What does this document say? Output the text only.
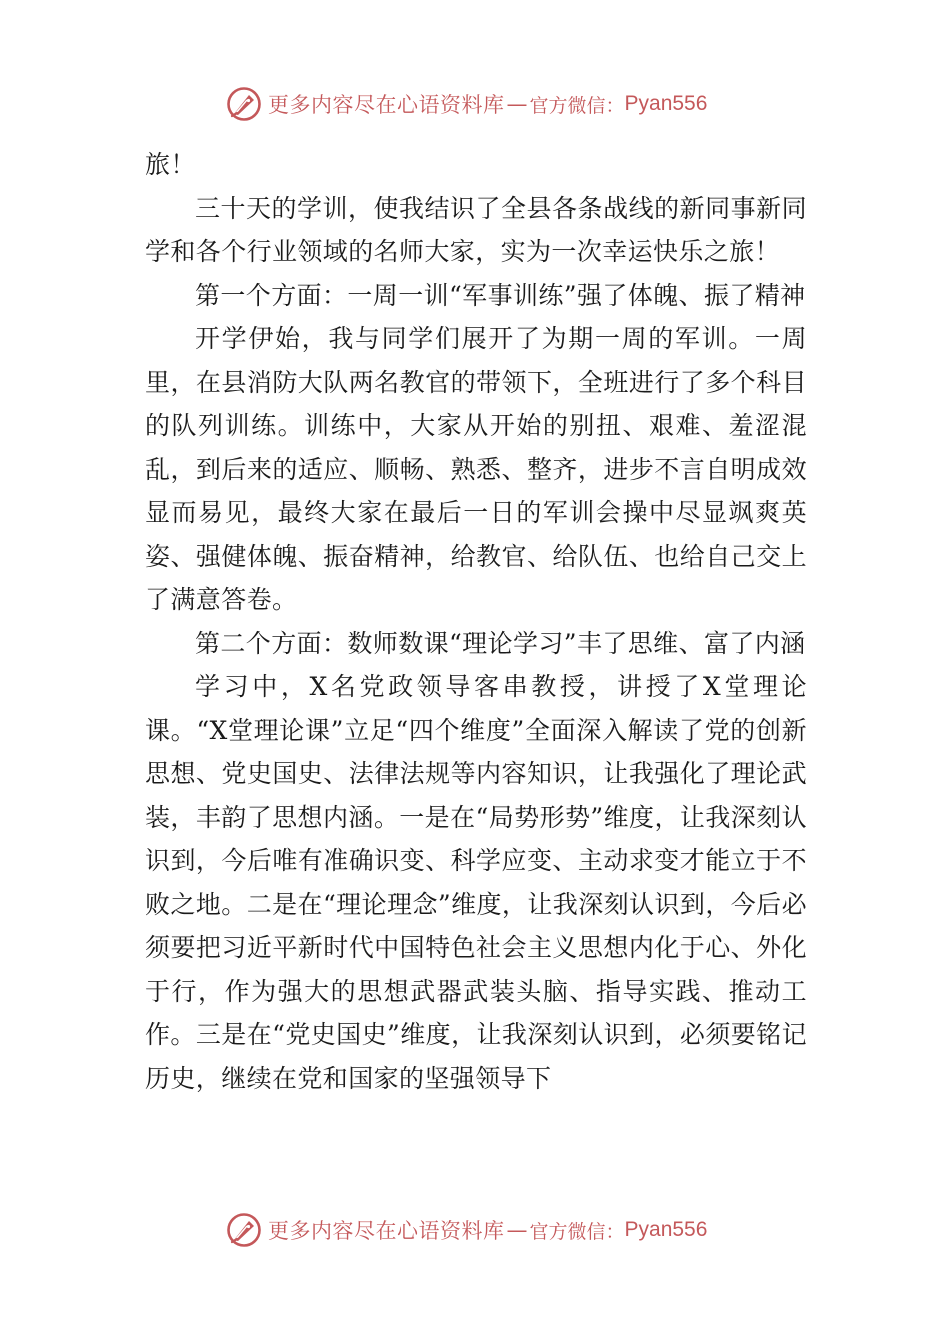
更多内容尽在心语资料库 — 官方微信： Pyan556

旅！

三十天的学训，使我结识了全县各条战线的新同事新同学和各个行业领域的名师大家，实为一次幸运快乐之旅！

第一个方面：一周一训“军事训练”强了体魄、振了精神

开学伊始，我与同学们展开了为期一周的军训。一周里，在县消防大队两名教官的带领下，全班进行了多个科目的队列训练。训练中，大家从开始的别扭、艰难、羞涩混乱，到后来的适应、顺畅、熟悉、整齐，进步不言自明成效显而易见，最终大家在最后一日的军训会操中尽显飒爽英姿、强健体魄、振奋精神，给教官、给队伍、也给自己交上了满意答卷。

第二个方面：数师数课“理论学习”丰了思维、富了内涵

学习中，X名党政领导客串教授，讲授了X堂理论课。“X堂理论课”立足“四个维度”全面深入解读了党的创新思想、党史国史、法律法规等内容知识，让我强化了理论武装，丰韵了思想内涵。一是在“局势形势”维度，让我深刻认识到，今后唯有准确识变、科学应变、主动求变才能立于不败之地。二是在“理论理念”维度，让我深刻认识到，今后必须要把习近平新时代中国特色社会主义思想内化于心、外化于行，作为强大的思想武器武装头脑、指导实践、推动工作。三是在“党史国史”维度，让我深刻认识到，必须要铭记历史，继续在党和国家的坚强领导下

更多内容尽在心语资料库 — 官方微信： Pyan556
